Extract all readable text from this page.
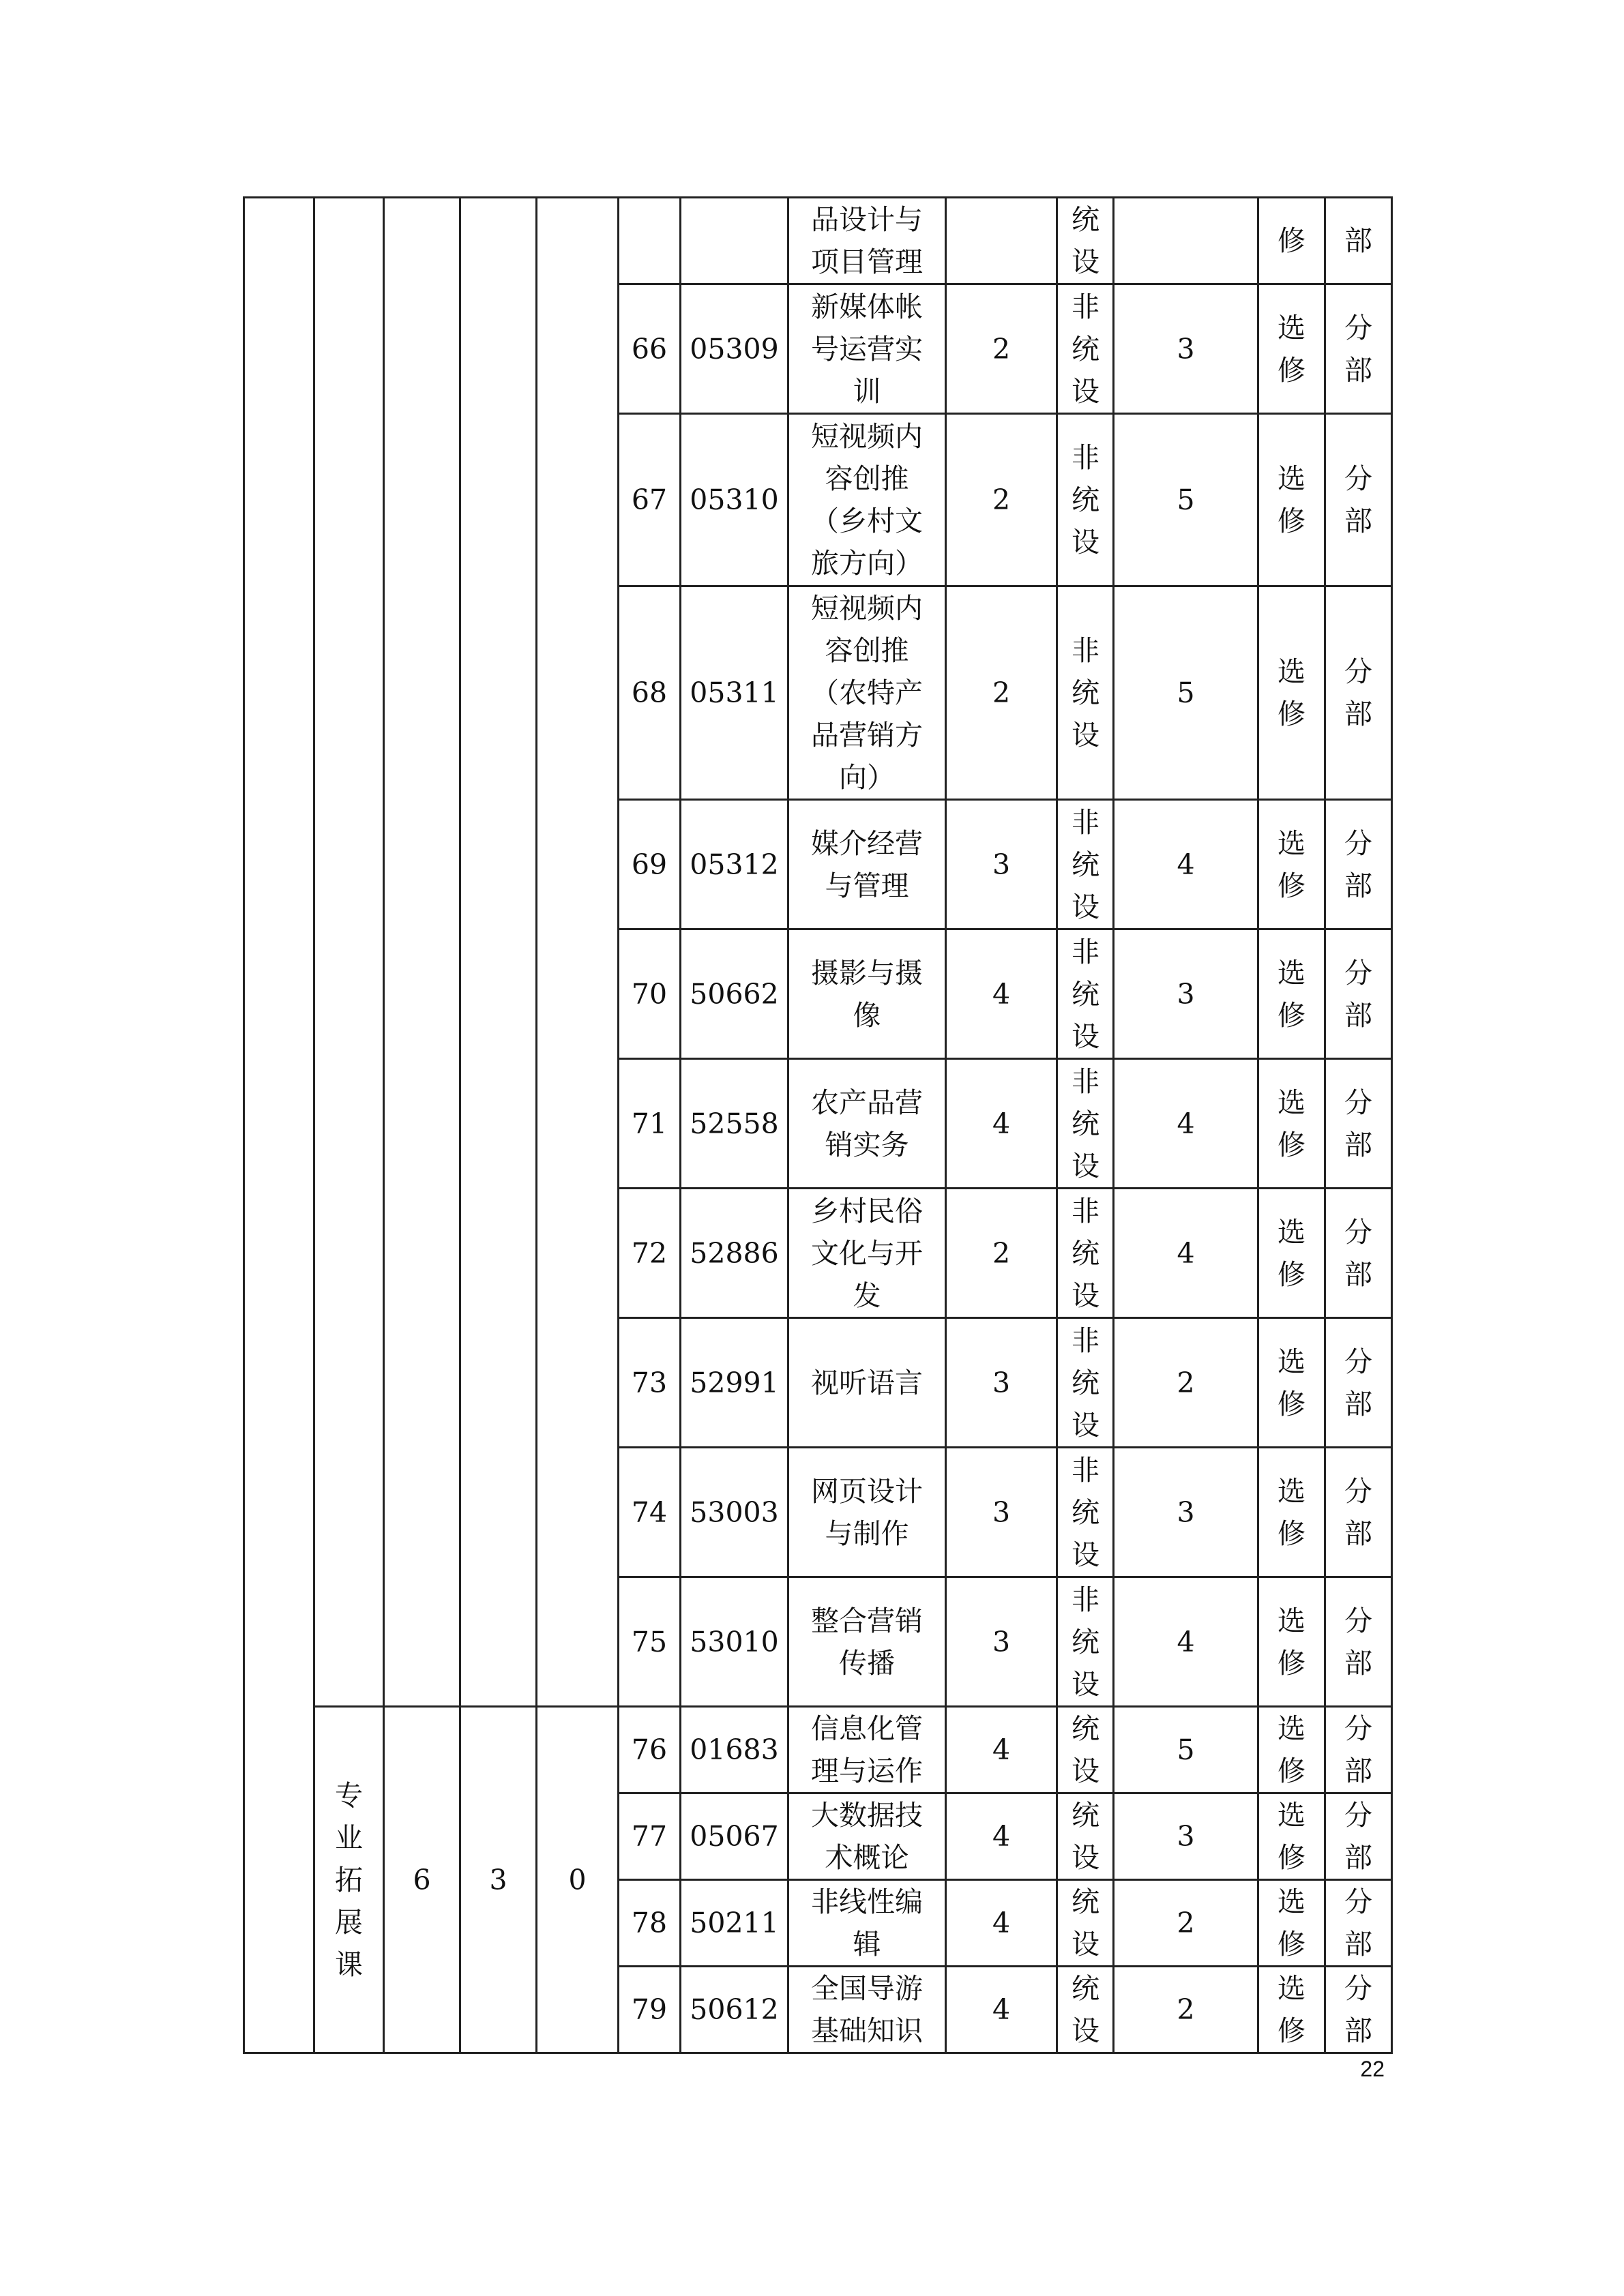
							品设计与项目管理		统设		修	部
					66	05309	新媒体帐号运营实训	2	非统设	3	选修	分部
					67	05310	短视频内容创推（乡村文旅方向）	2	非统设	5	选修	分部
					68	05311	短视频内容创推（农特产品营销方向）	2	非统设	5	选修	分部
					69	05312	媒介经营与管理	3	非统设	4	选修	分部
					70	50662	摄影与摄像	4	非统设	3	选修	分部
					71	52558	农产品营销实务	4	非统设	4	选修	分部
					72	52886	乡村民俗文化与开发	2	非统设	4	选修	分部
					73	52991	视听语言	3	非统设	2	选修	分部
					74	53003	网页设计与制作	3	非统设	3	选修	分部
					75	53010	整合营销传播	3	非统设	4	选修	分部
	专业拓展课	6	3	0	76	01683	信息化管理与运作	4	统设	5	选修	分部
					77	05067	大数据技术概论	4	统设	3	选修	分部
					78	50211	非线性编辑	4	统设	2	选修	分部
					79	50612	全国导游基础知识	4	统设	2	选修	分部
22
